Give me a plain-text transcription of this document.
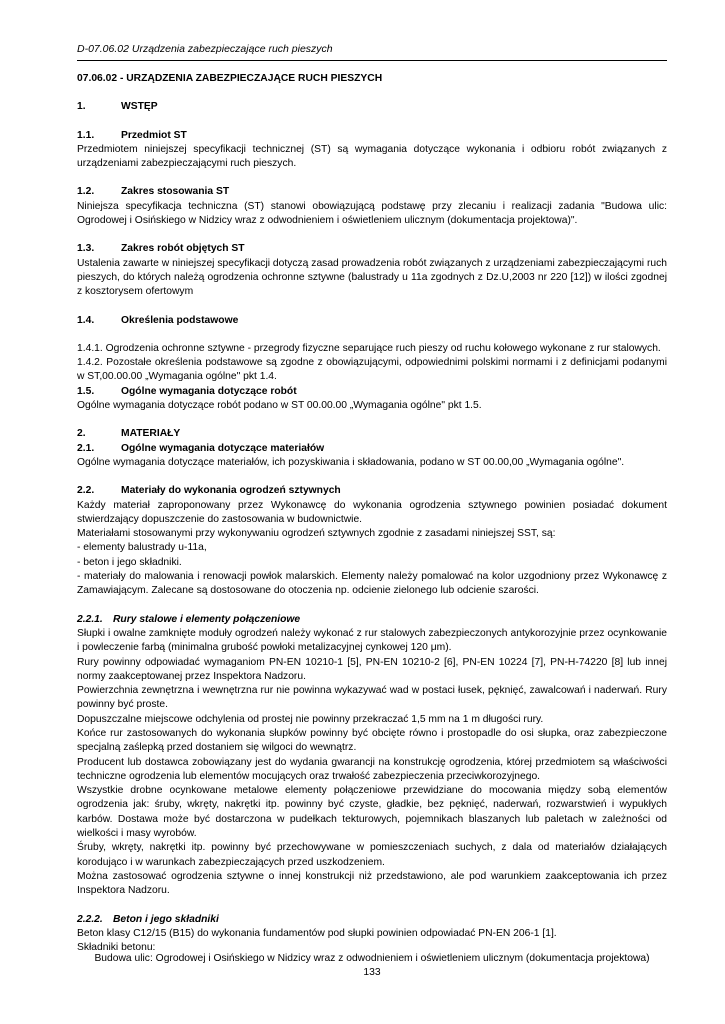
D-07.06.02 Urządzenia zabezpieczające ruch pieszych

07.06.02 - URZĄDZENIA ZABEZPIECZAJĄCE RUCH PIESZYCH

1.	WSTĘP
1.1.	Przedmiot ST

Przedmiotem niniejszej specyfikacji technicznej (ST) są wymagania dotyczące wykonania i odbioru robót związanych z urządzeniami zabezpieczającymi ruch pieszych.

1.2.	Zakres stosowania ST

Niniejsza specyfikacja techniczna (ST) stanowi obowiązującą podstawę przy zlecaniu i realizacji zadania "Budowa ulic: Ogrodowej i Osińskiego w Nidzicy wraz z odwodnieniem i oświetleniem ulicznym (dokumentacja projektowa)".

1.3.	Zakres robót objętych ST

Ustalenia zawarte w niniejszej specyfikacji dotyczą zasad prowadzenia robót związanych z urządzeniami zabezpieczającymi ruch pieszych, do których należą ogrodzenia ochronne sztywne (balustrady u 11a zgodnych z Dz.U,2003 nr 220 [12]) w ilości zgodnej z kosztorysem ofertowym

1.4.	Określenia podstawowe

1.4.1. Ogrodzenia ochronne sztywne - przegrody fizyczne separujące ruch pieszy od ruchu kołowego wykonane z rur stalowych.

1.4.2. Pozostałe określenia podstawowe są zgodne z obowiązującymi, odpowiednimi polskimi normami i z definicjami podanymi w ST,00.00.00 „Wymagania ogólne" pkt 1.4.

1.5.	Ogólne wymagania dotyczące robót

Ogólne wymagania dotyczące robót podano w ST 00.00.00 „Wymagania ogólne" pkt 1.5.

2.	MATERIAŁY
2.1.	Ogólne wymagania dotyczące materiałów

Ogólne wymagania dotyczące materiałów, ich pozyskiwania i składowania, podano w ST 00.00,00 „Wymagania ogólne".

2.2.	Materiały do wykonania ogrodzeń sztywnych

Każdy materiał zaproponowany przez Wykonawcę do wykonania ogrodzenia sztywnego powinien posiadać dokument stwierdzający dopuszczenie do zastosowania w budownictwie.

Materiałami stosowanymi przy wykonywaniu ogrodzeń sztywnych zgodnie z zasadami niniejszej SST, są:

- elementy balustrady u-11a,

- beton i jego składniki.

- materiały do malowania i renowacji powłok malarskich. Elementy należy pomalować na kolor uzgodniony przez Wykonawcę z Zamawiającym. Zalecane są dostosowane do otoczenia np. odcienie zielonego lub odcienie szarości.

2.2.1. Rury stalowe i elementy połączeniowe

Słupki i owalne zamknięte moduły ogrodzeń należy wykonać z rur stalowych zabezpieczonych antykorozyjnie przez ocynkowanie i powleczenie farbą (minimalna grubość powłoki metalizacyjnej cynkowej 120 μm).

Rury powinny odpowiadać wymaganiom PN-EN 10210-1 [5], PN-EN 10210-2 [6], PN-EN 10224 [7], PN-H-74220 [8] lub innej normy zaakceptowanej przez Inspektora Nadzoru.

Powierzchnia zewnętrzna i wewnętrzna rur nie powinna wykazywać wad w postaci łusek, pęknięć, zawalcowań i naderwań. Rury powinny być proste.

Dopuszczalne miejscowe odchylenia od prostej nie powinny przekraczać 1,5 mm na 1 m długości rury.

Końce rur zastosowanych do wykonania słupków powinny być obcięte równo i prostopadle do osi słupka, oraz zabezpieczone specjalną zaślepką przed dostaniem się wilgoci do wewnątrz.

Producent lub dostawca zobowiązany jest do wydania gwarancji na konstrukcję ogrodzenia, której przedmiotem są właściwości techniczne ogrodzenia lub elementów mocujących oraz trwałość zabezpieczenia przeciwkorozyjnego.

Wszystkie drobne ocynkowane metalowe elementy połączeniowe przewidziane do mocowania między sobą elementów ogrodzenia jak: śruby, wkręty, nakrętki itp. powinny być czyste, gładkie, bez pęknięć, naderwań, rozwarstwień i wypukłych karbów. Dostawa może być dostarczona w pudełkach tekturowych, pojemnikach blaszanych lub paletach w zależności od wielkości i masy wyrobów.

Śruby, wkręty, nakrętki itp. powinny być przechowywane w pomieszczeniach suchych, z dala od materiałów działających korodująco i w warunkach zabezpieczających przed uszkodzeniem.

Można zastosować ogrodzenia sztywne o innej konstrukcji niż przedstawiono, ale pod warunkiem zaakceptowania ich przez Inspektora Nadzoru.

2.2.2. Beton i jego składniki

Beton klasy C12/15 (B15) do wykonania fundamentów pod słupki powinien odpowiadać PN-EN 206-1 [1].

Składniki betonu:

Budowa ulic: Ogrodowej i Osińskiego w Nidzicy wraz z odwodnieniem i oświetleniem ulicznym (dokumentacja projektowa)
133
